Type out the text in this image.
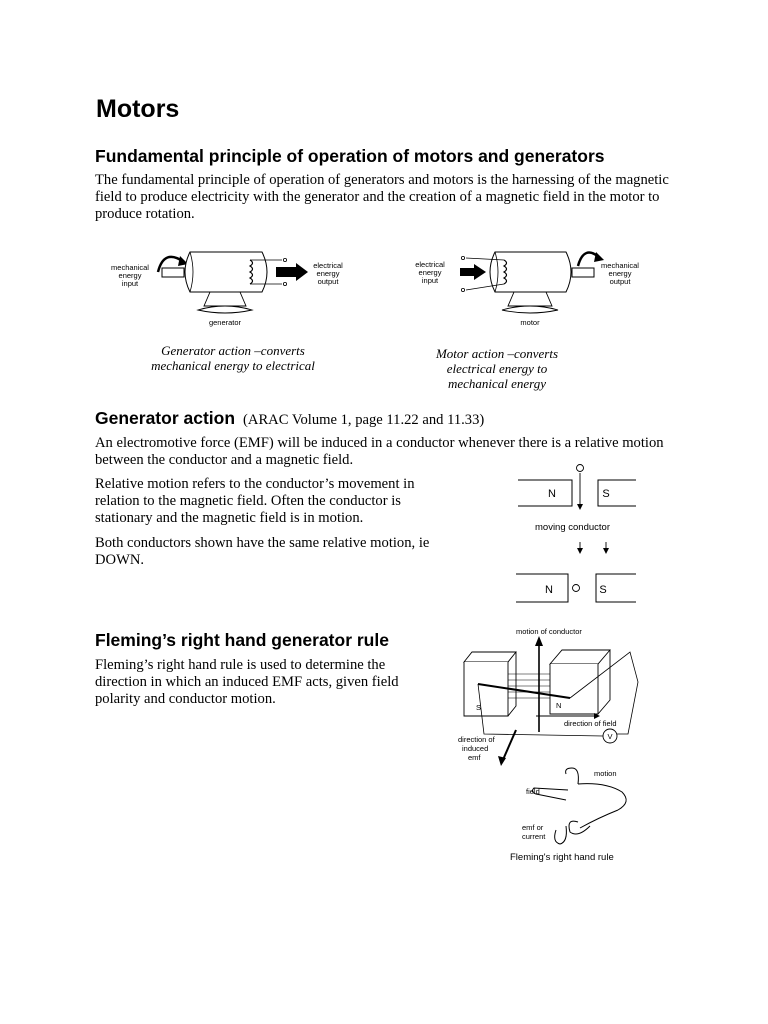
Motors
Fundamental principle of operation of motors and generators

The fundamental principle of operation of generators and motors is the harnessing of the magnetic field to produce electricity with the generator and the creation of a magnetic field in the motor to produce rotation.

mechanical
energy
input
electrical
energy
output
generator
electrical
energy
input
mechanical
energy
output
motor
Generator action –converts
mechanical energy to electrical
Motor action –converts
electrical energy to
mechanical energy
Generator action (ARAC Volume 1, page 11.22 and 11.33)

An electromotive force (EMF) will be induced in a conductor whenever there is a relative motion between the conductor and a magnetic field.

Relative motion refers to the conductor’s movement in relation to the magnetic field. Often the conductor is stationary and the magnetic field is in motion.

Both conductors shown have the same relative motion, ie DOWN.

N	S
moving conductor
N	S
Fleming’s right hand generator rule

Fleming’s right hand rule is used to determine the direction in which an induced EMF acts, given field polarity and conductor motion.

motion of conductor
S	N
V
direction of field
direction of
induced
emf
motion
field
emf or
current
Fleming's right hand rule
